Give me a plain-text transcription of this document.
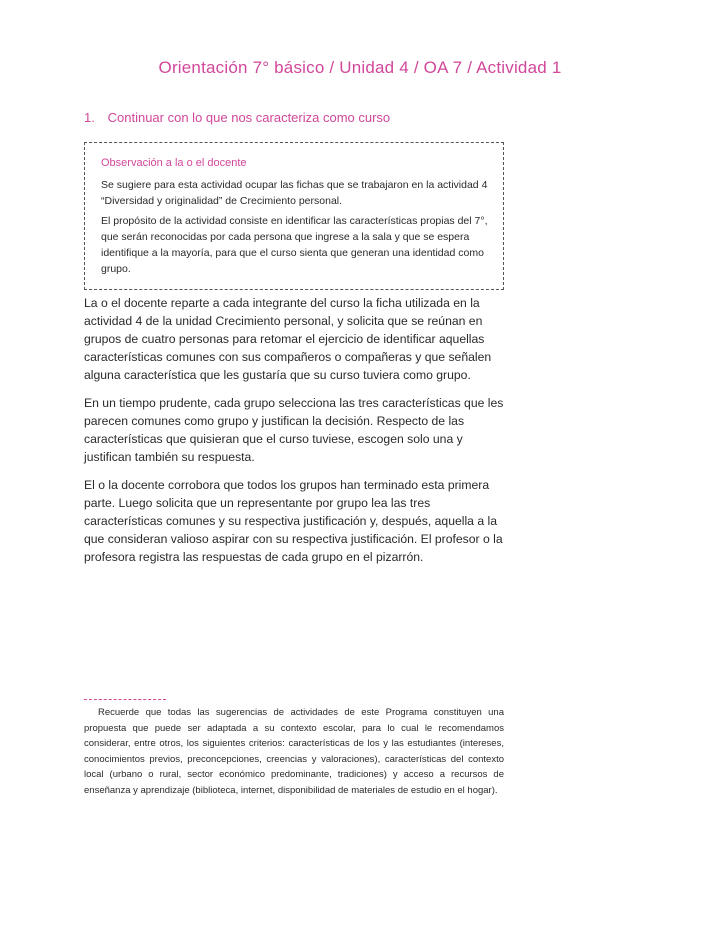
Orientación 7° básico / Unidad 4 / OA 7 / Actividad 1
1. Continuar con lo que nos caracteriza como curso
Observación a la o el docente

Se sugiere para esta actividad ocupar las fichas que se trabajaron en la actividad 4 “Diversidad y originalidad” de Crecimiento personal.

El propósito de la actividad consiste en identificar las características propias del 7°, que serán reconocidas por cada persona que ingrese a la sala y que se espera identifique a la mayoría, para que el curso sienta que generan una identidad como grupo.

La o el docente reparte a cada integrante del curso la ficha utilizada en la actividad 4 de la unidad Crecimiento personal, y solicita que se reúnan en grupos de cuatro personas para retomar el ejercicio de identificar aquellas características comunes con sus compañeros o compañeras y que señalen alguna característica que les gustaría que su curso tuviera como grupo.

En un tiempo prudente, cada grupo selecciona las tres características que les parecen comunes como grupo y justifican la decisión. Respecto de las características que quisieran que el curso tuviese, escogen solo una y justifican también su respuesta.

El o la docente corrobora que todos los grupos han terminado esta primera parte. Luego solicita que un representante por grupo lea las tres características comunes y su respectiva justificación y, después, aquella a la que consideran valioso aspirar con su respectiva justificación. El profesor o la profesora registra las respuestas de cada grupo en el pizarrón.

Recuerde que todas las sugerencias de actividades de este Programa constituyen una propuesta que puede ser adaptada a su contexto escolar, para lo cual le recomendamos considerar, entre otros, los siguientes criterios: características de los y las estudiantes (intereses, conocimientos previos, preconcepciones, creencias y valoraciones), características del contexto local (urbano o rural, sector económico predominante, tradiciones) y acceso a recursos de enseñanza y aprendizaje (biblioteca, internet, disponibilidad de materiales de estudio en el hogar).
